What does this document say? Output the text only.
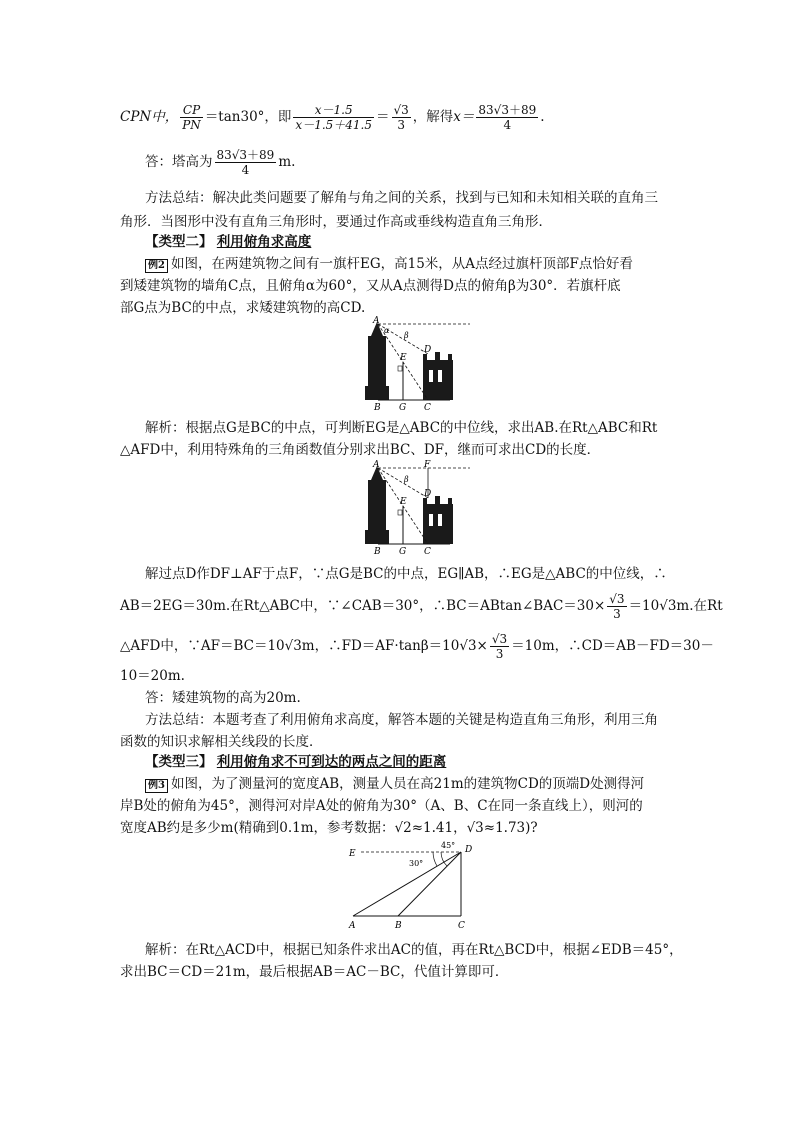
CPN中， $\frac{CP}{PN} =\tan 30^\circ$，即 $\frac{x-1.5}{x-1.5+41.5} = \frac{√3}{3}$ ，解得$x= \frac{83√3+89}{4}$ .
答：塔高为 $\frac{83√3+89}{4} m$.
方法总结：解决此类问题要了解角与角之间的关系，找到与已知和未知相关联的直角三
角形．当图形中没有直角三角形时，要通过作高或垂线构造直角三角形．
【类型二】 利用俯角求高度
例2 如图，在两建筑物之间有一旗杆EG，高15米，从A点经过旗杆顶部F点恰好看
到矮建筑物的墙角C点，且俯角α为60°，又从A点测得D点的俯角β为30°．若旗杆底
部G点为BC的中点，求矮建筑物的高CD.
A
α
β
E
D
B G C
解析：根据点G是BC的中点，可判断EG是△ABC的中位线，求出AB.在Rt△ABC和Rt
△AFD中，利用特殊角的三角函数值分别求出BC、DF，继而可求出CD的长度．
A	F
β
E
D
B G C
解过点D作DF⊥AF于点F，∵点G是BC的中点，EG∥AB，∴EG是△ABC的中位线，∴
AB＝2EG＝30m.在Rt△ABC中，∵∠CAB＝30°，∴BC＝ABtan∠BAC＝30× $\frac{√3}{3} =10√3m$.在Rt
△AFD中，∵AF＝BC＝10√3m，∴FD＝AF·tanβ＝10√3× $\frac{√3}{3} =10m$，∴CD＝AB－FD＝30－
10＝20m.
答：矮建筑物的高为20m.
方法总结：本题考查了利用俯角求高度，解答本题的关键是构造直角三角形，利用三角
函数的知识求解相关线段的长度．
【类型三】 利用俯角求不可到达的两点之间的距离
例3 如图，为了测量河的宽度AB，测量人员在高21m的建筑物CD的顶端D处测得河
岸B处的俯角为45°，测得河对岸A处的俯角为30°（A、B、C在同一条直线上），则河的
宽度AB约是多少m(精确到0.1m，参考数据：√2≈1.41，√3≈1.73)?
E	D
45°
30°
A	B	C
解析：在Rt△ACD中，根据已知条件求出AC的值，再在Rt△BCD中，根据∠EDB＝45°，
求出BC＝CD＝21m，最后根据AB＝AC－BC，代值计算即可．
